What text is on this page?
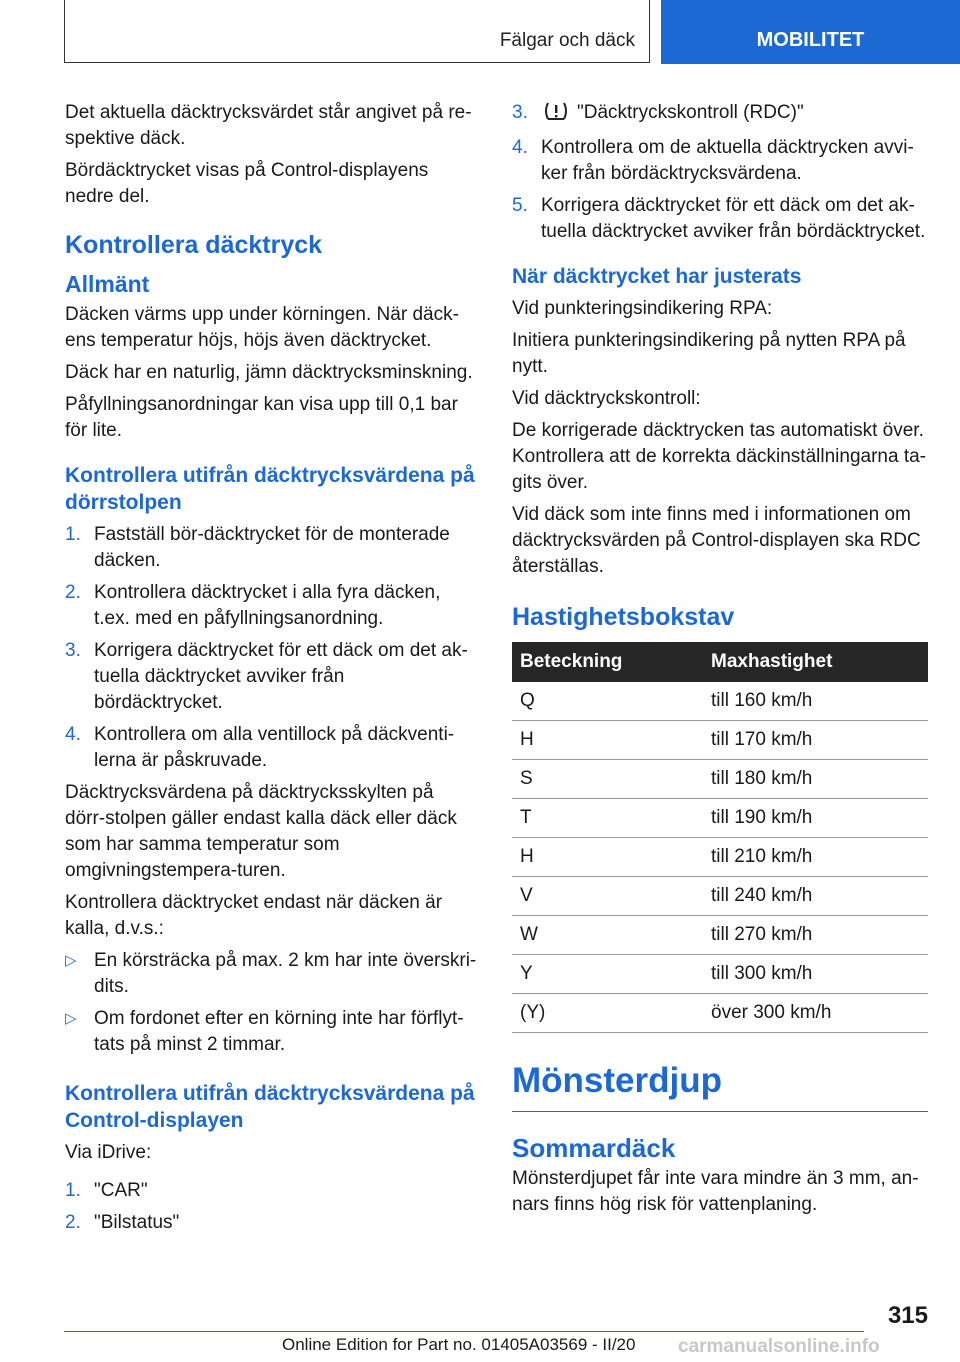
Fälgar och däck	MOBILITET

Det aktuella däcktrycksvärdet står angivet på re-spektive däck.

Bördäcktrycket visas på Control-displayens nedre del.

Kontrollera däcktryck
Allmänt

Däcken värms upp under körningen. När däck-ens temperatur höjs, höjs även däcktrycket.

Däck har en naturlig, jämn däcktrycksminskning.

Påfyllningsanordningar kan visa upp till 0,1 bar för lite.

Kontrollera utifrån däcktrycksvärdena på dörrstolpen
1. Fastställ bör-däcktrycket för de monterade däcken.
2. Kontrollera däcktrycket i alla fyra däcken, t.ex. med en påfyllningsanordning.
3. Korrigera däcktrycket för ett däck om det ak-tuella däcktrycket avviker från bördäcktrycket.
4. Kontrollera om alla ventillock på däckventi-lerna är påskruvade.

Däcktrycksvärdena på däcktrycksskylten på dörr-stolpen gäller endast kalla däck eller däck som har samma temperatur som omgivningstempera-turen.

Kontrollera däcktrycket endast när däcken är kalla, d.v.s.:

▷ En körsträcka på max. 2 km har inte överskri-dits.
▷ Om fordonet efter en körning inte har förflyt-tats på minst 2 timmar.
Kontrollera utifrån däcktrycksvärdena på Control-displayen

Via iDrive:

1. "CAR"
2. "Bilstatus"
3.	"Däcktryckskontroll (RDC)"
4. Kontrollera om de aktuella däcktrycken avvi-ker från bördäcktrycksvärdena.
5. Korrigera däcktrycket för ett däck om det ak-tuella däcktrycket avviker från bördäcktrycket.
När däcktrycket har justerats

Vid punkteringsindikering RPA:

Initiera punkteringsindikering på nytten RPA på nytt.

Vid däcktryckskontroll:

De korrigerade däcktrycken tas automatiskt över. Kontrollera att de korrekta däckinställningarna ta-gits över.

Vid däck som inte finns med i informationen om däcktrycksvärden på Control-displayen ska RDC återställas.

Hastighetsbokstav
Beteckning	Maxhastighet
Q	till 160 km/h
H	till 170 km/h
S	till 180 km/h
T	till 190 km/h
H	till 210 km/h
V	till 240 km/h
W	till 270 km/h
Y	till 300 km/h
(Y)	över 300 km/h
Mönsterdjup
Sommardäck

Mönsterdjupet får inte vara mindre än 3 mm, an-nars finns hög risk för vattenplaning.

315
Online Edition for Part no. 01405A03569 - II/20 carmanualsonline.info
